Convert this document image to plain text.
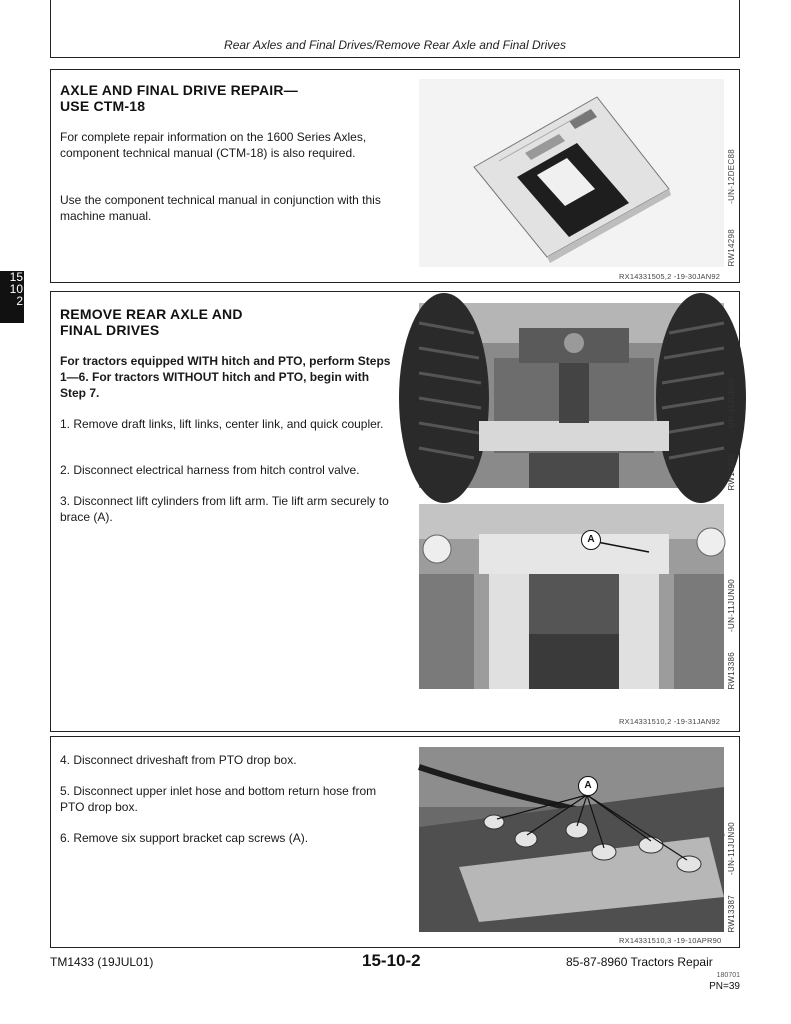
Rear Axles and Final Drives/Remove Rear Axle and Final Drives
15
10
2
AXLE AND FINAL DRIVE REPAIR—
USE CTM-18

For complete repair information on the 1600 Series Axles, component technical manual (CTM-18) is also required.

Use the component technical manual in conjunction with this machine manual.

RW14298
-UN-12DEC88
RX14331505,2 -19-30JAN92
REMOVE REAR AXLE AND
FINAL DRIVES

For tractors equipped WITH hitch and PTO, perform Steps 1—6. For tractors WITHOUT hitch and PTO, begin with Step 7.

1. Remove draft links, lift links, center link, and quick coupler.

2. Disconnect electrical harness from hitch control valve.

3. Disconnect lift cylinders from lift arm. Tie lift arm securely to brace (A).

RW13422
-UN-11JUN90
A
RW13386
-UN-11JUN90
RX14331510,2 -19-31JAN92

4. Disconnect driveshaft from PTO drop box.

5. Disconnect upper inlet hose and bottom return hose from PTO drop box.

6. Remove six support bracket cap screws (A).

A
RW13387
-UN-11JUN90
RX14331510,3 -19-10APR90
TM1433 (19JUL01)	15-10-2	85-87-8960 Tractors Repair
180701
PN=39
